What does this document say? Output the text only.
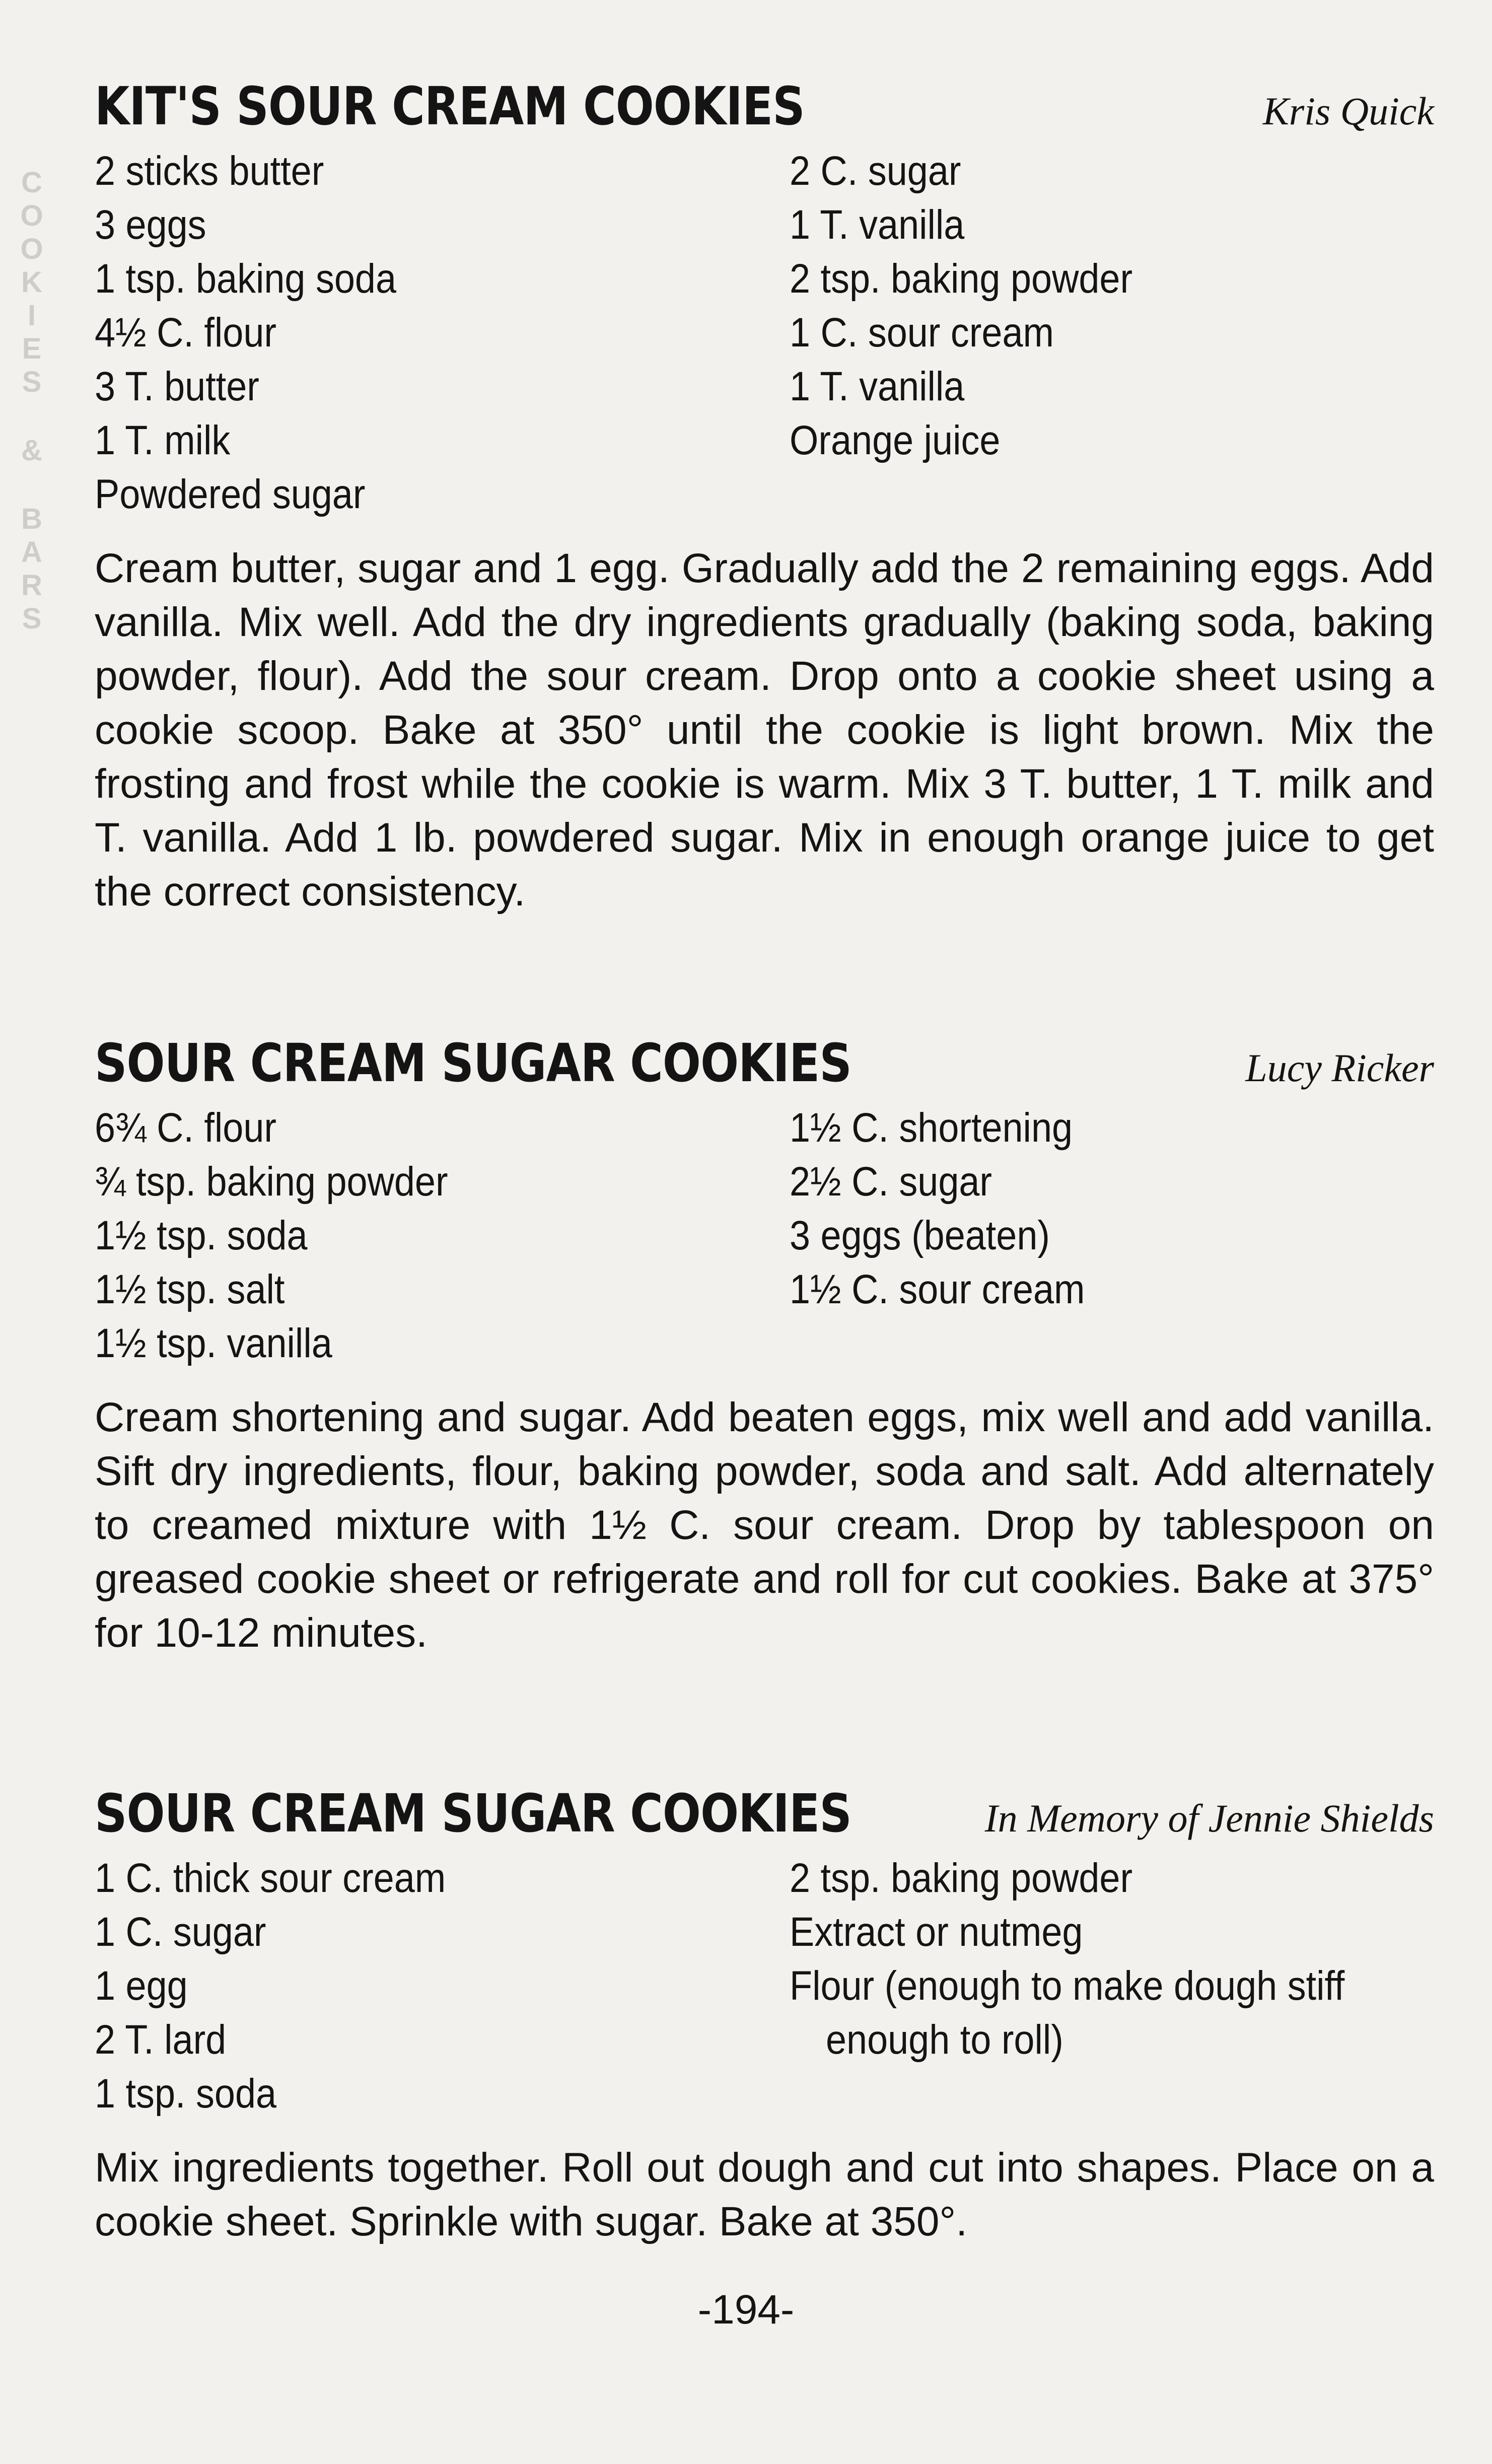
C
O
O
K
I
E
S
&
B
A
R
S
KIT'S SOUR CREAM COOKIES	Kris Quick
2 sticks butter
3 eggs
1 tsp. baking soda
4½ C. flour
3 T. butter
1 T. milk
Powdered sugar
2 C. sugar
1 T. vanilla
2 tsp. baking powder
1 C. sour cream
1 T. vanilla
Orange juice
Cream butter, sugar and 1 egg. Gradually add the 2 remaining eggs. Add vanilla. Mix well. Add the dry ingredients gradually (baking soda, baking powder, flour). Add the sour cream. Drop onto a cookie sheet using a cookie scoop. Bake at 350° until the cookie is light brown. Mix the frosting and frost while the cookie is warm. Mix 3 T. butter, 1 T. milk and T. vanilla. Add 1 lb. powdered sugar. Mix in enough orange juice to get the correct consistency.
SOUR CREAM SUGAR COOKIES	Lucy Ricker
6¾ C. flour
¾ tsp. baking powder
1½ tsp. soda
1½ tsp. salt
1½ tsp. vanilla
1½ C. shortening
2½ C. sugar
3 eggs (beaten)
1½ C. sour cream
Cream shortening and sugar. Add beaten eggs, mix well and add vanilla. Sift dry ingredients, flour, baking powder, soda and salt. Add alternately to creamed mixture with 1½ C. sour cream. Drop by tablespoon on greased cookie sheet or refrigerate and roll for cut cookies. Bake at 375° for 10-12 minutes.
SOUR CREAM SUGAR COOKIES	In Memory of Jennie Shields
1 C. thick sour cream
1 C. sugar
1 egg
2 T. lard
1 tsp. soda
2 tsp. baking powder
Extract or nutmeg
Flour (enough to make dough stiff
enough to roll)
Mix ingredients together. Roll out dough and cut into shapes. Place on a cookie sheet. Sprinkle with sugar. Bake at 350°.
-194-
